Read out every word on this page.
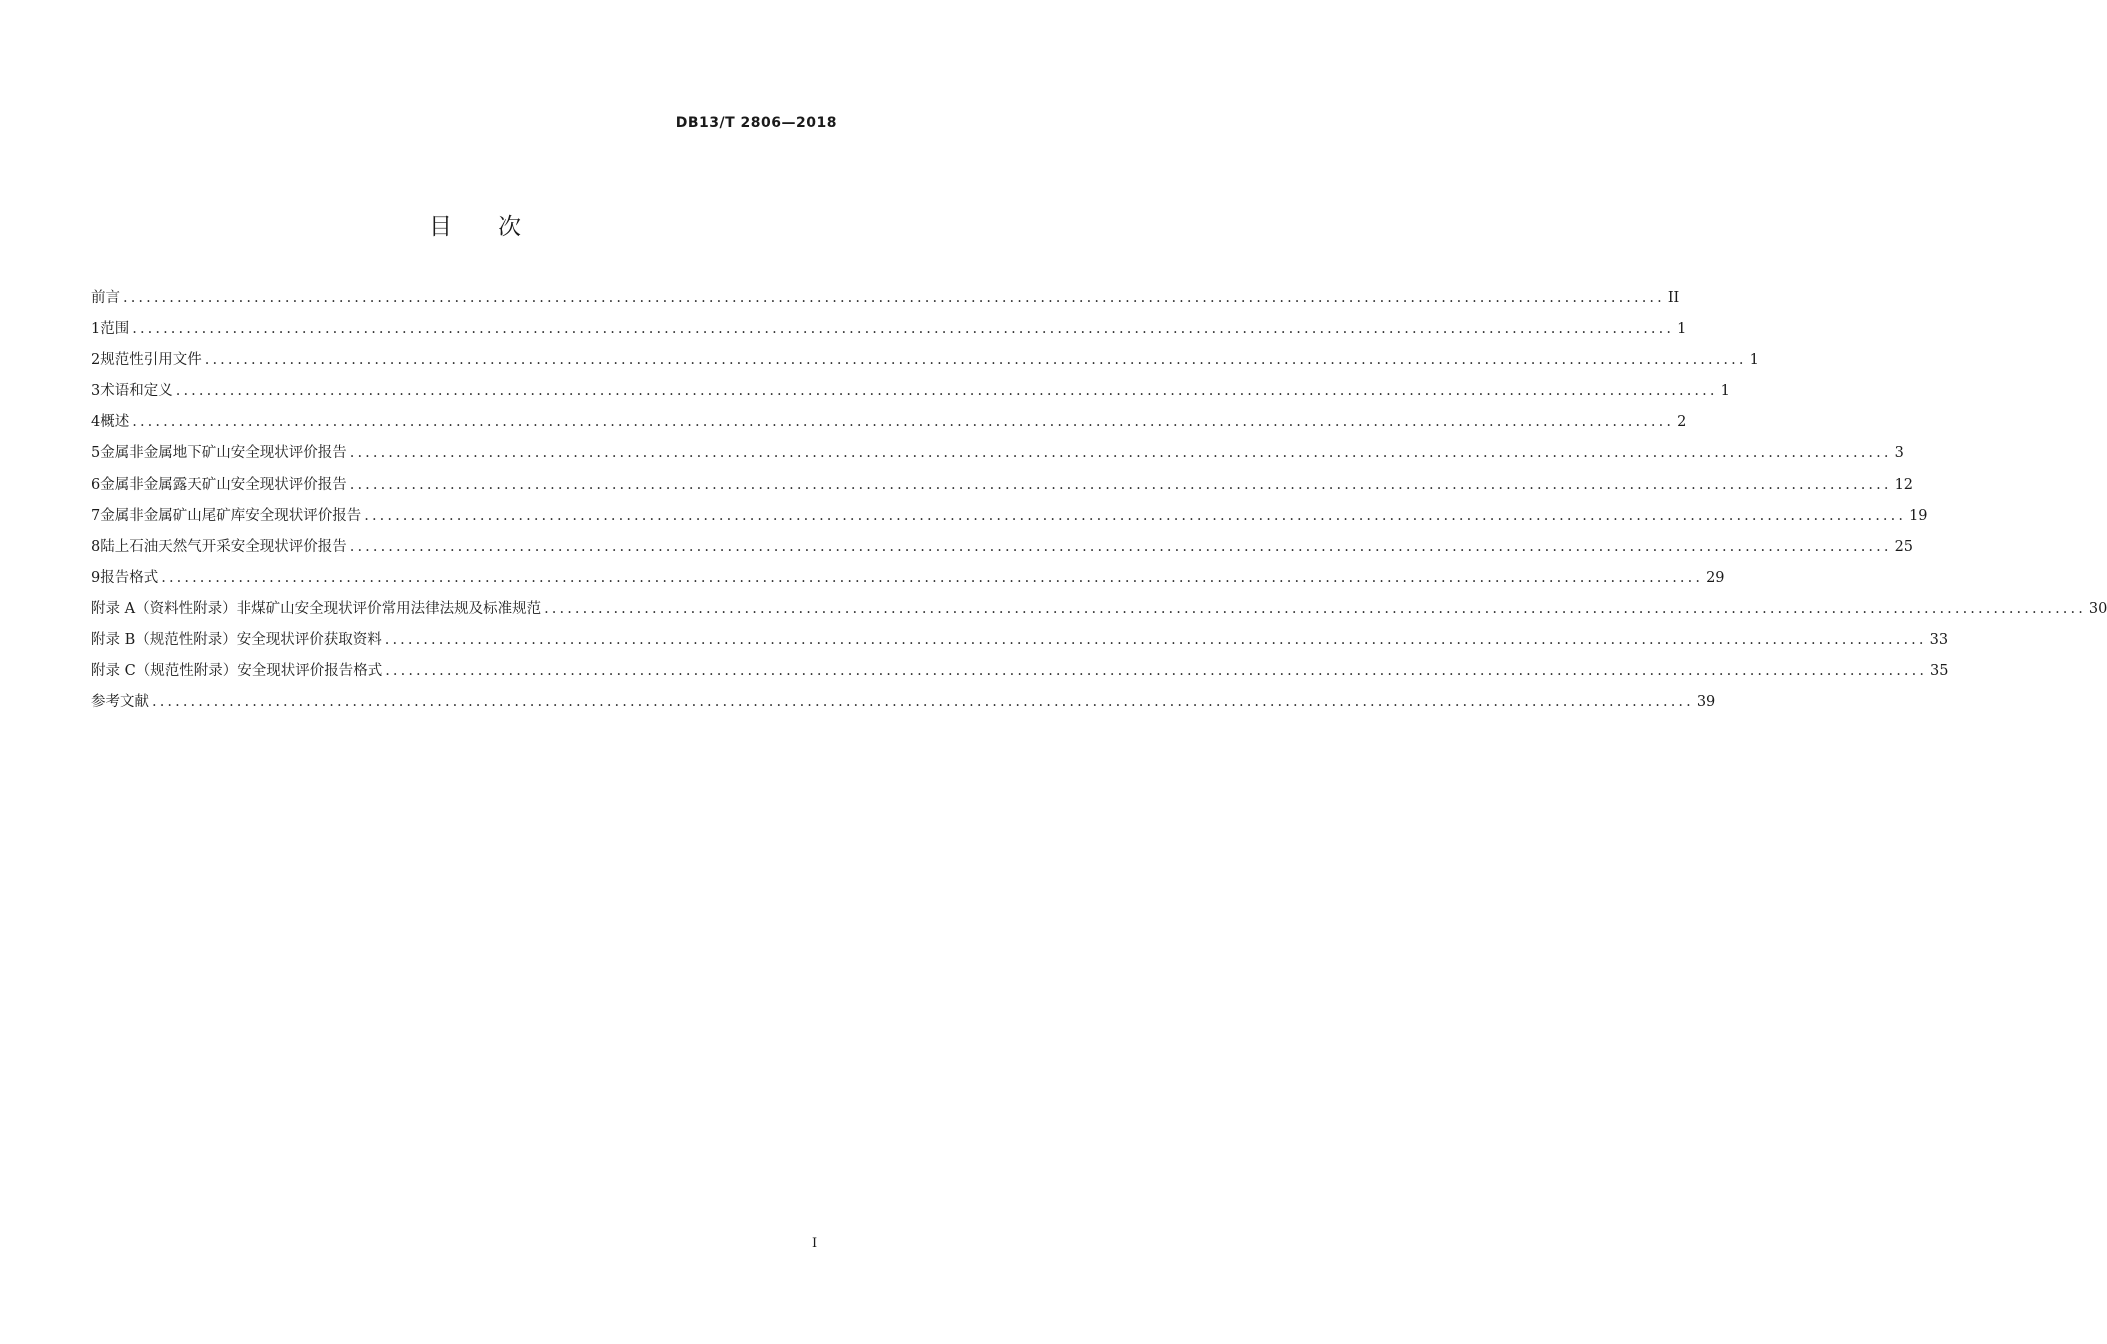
DB13/T 2806—2018
目次
前言 ........................................................................................................................................................................................................ II
1 范围 ........................................................................................................................................................................................................ 1
2 规范性引用文件 ........................................................................................................................................................................................................ 1
3 术语和定义 ........................................................................................................................................................................................................ 1
4 概述 ........................................................................................................................................................................................................ 2
5 金属非金属地下矿山安全现状评价报告 ........................................................................................................................................................................................................ 3
6 金属非金属露天矿山安全现状评价报告 ........................................................................................................................................................................................................ 12
7 金属非金属矿山尾矿库安全现状评价报告 ........................................................................................................................................................................................................ 19
8 陆上石油天然气开采安全现状评价报告 ........................................................................................................................................................................................................ 25
9 报告格式 ........................................................................................................................................................................................................ 29
附录 A（资料性附录） 非煤矿山安全现状评价常用法律法规及标准规范 ........................................................................................................................................................................................................ 30
附录 B（规范性附录） 安全现状评价获取资料 ........................................................................................................................................................................................................ 33
附录 C（规范性附录） 安全现状评价报告格式 ........................................................................................................................................................................................................ 35
参考文献 ........................................................................................................................................................................................................ 39
I
